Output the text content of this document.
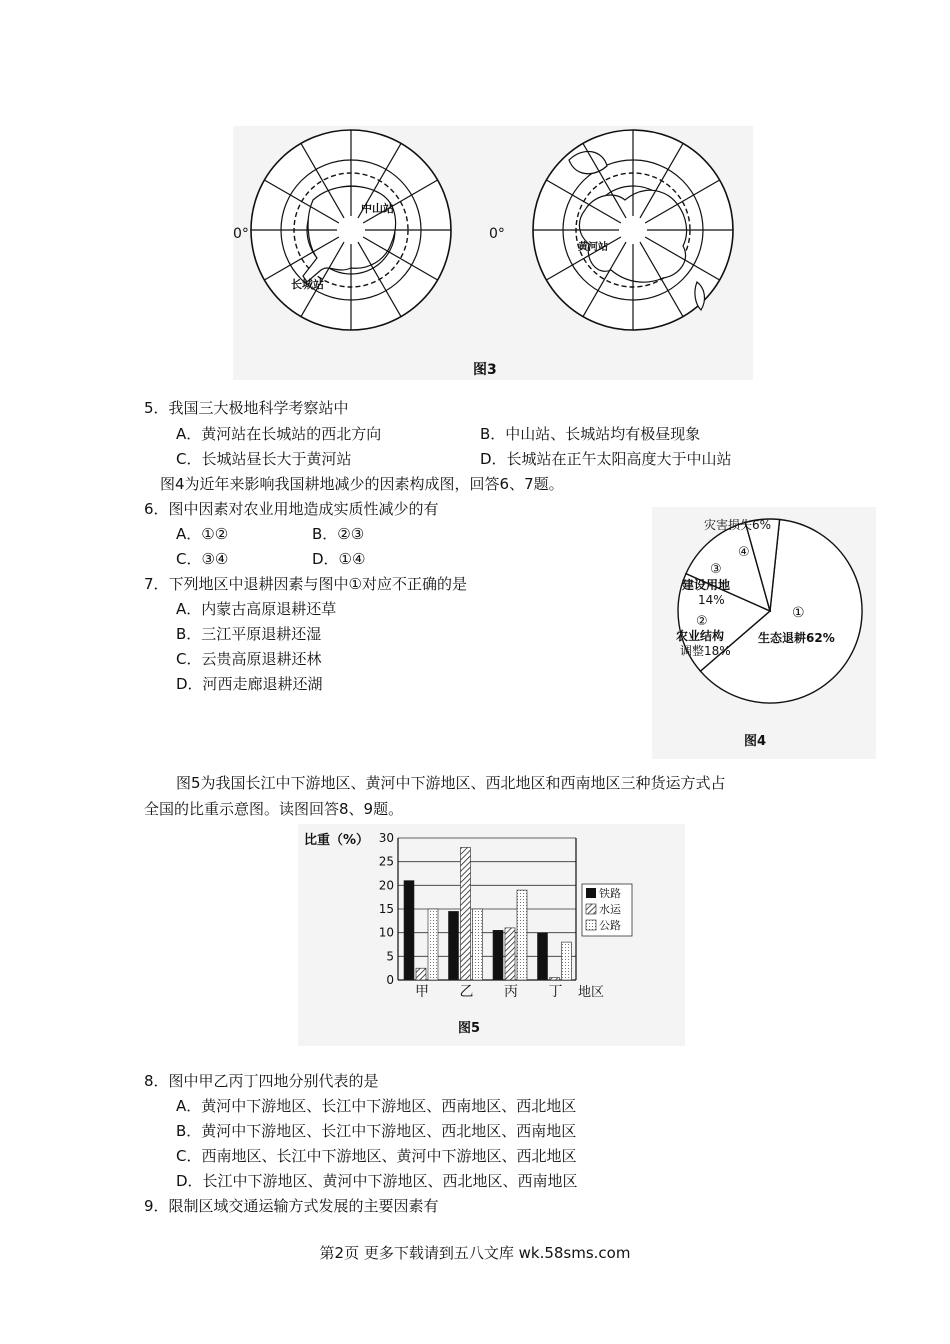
0°	0°
中山站
长城站
黄河站
图3
5．我国三大极地科学考察站中
A．黄河站在长城站的西北方向	B．中山站、长城站均有极昼现象
C．长城站昼长大于黄河站	D．长城站在正午太阳高度大于中山站
图4为近年来影响我国耕地减少的因素构成图，回答6、7题。
6．图中因素对农业用地造成实质性减少的有
A．①②	B．②③
C．③④	D．①④
7．下列地区中退耕因素与图中①对应不正确的是
A．内蒙古高原退耕还草
B．三江平原退耕还湿
C．云贵高原退耕还林
D．河西走廊退耕还湖
灾害损失6%
④
③
建设用地
14%
②
农业结构
调整18%
①
生态退耕62%
图4
图5为我国长江中下游地区、黄河中下游地区、西北地区和西南地区三种货运方式占
全国的比重示意图。读图回答8、9题。
比重（%）
0
5
10
15
20
25
30
甲 乙 丙 丁 地区
铁路
水运
公路
图5
8．图中甲乙丙丁四地分别代表的是
A．黄河中下游地区、长江中下游地区、西南地区、西北地区
B．黄河中下游地区、长江中下游地区、西北地区、西南地区
C．西南地区、长江中下游地区、黄河中下游地区、西北地区
D．长江中下游地区、黄河中下游地区、西北地区、西南地区
9．限制区域交通运输方式发展的主要因素有
第2页 更多下载请到五八文库 wk.58sms.com
